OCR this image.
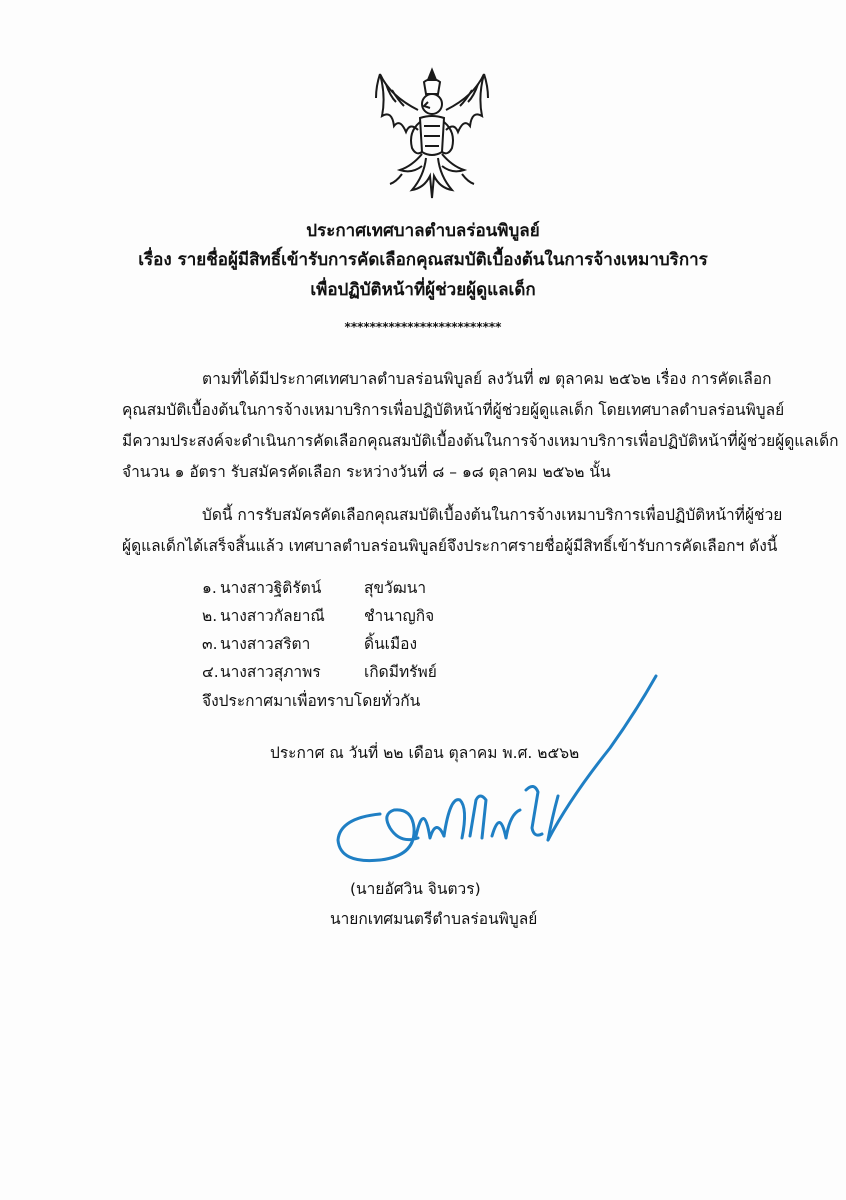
ประกาศเทศบาลตำบลร่อนพิบูลย์
เรื่อง รายชื่อผู้มีสิทธิ์เข้ารับการคัดเลือกคุณสมบัติเบื้องต้นในการจ้างเหมาบริการ
เพื่อปฏิบัติหน้าที่ผู้ช่วยผู้ดูแลเด็ก
*************************
ตามที่ได้มีประกาศเทศบาลตำบลร่อนพิบูลย์ ลงวันที่ ๗ ตุลาคม ๒๕๖๒ เรื่อง การคัดเลือก
คุณสมบัติเบื้องต้นในการจ้างเหมาบริการเพื่อปฏิบัติหน้าที่ผู้ช่วยผู้ดูแลเด็ก โดยเทศบาลตำบลร่อนพิบูลย์
มีความประสงค์จะดำเนินการคัดเลือกคุณสมบัติเบื้องต้นในการจ้างเหมาบริการเพื่อปฏิบัติหน้าที่ผู้ช่วยผู้ดูแลเด็ก
จำนวน ๑ อัตรา รับสมัครคัดเลือก ระหว่างวันที่ ๘ – ๑๘ ตุลาคม ๒๕๖๒ นั้น
บัดนี้ การรับสมัครคัดเลือกคุณสมบัติเบื้องต้นในการจ้างเหมาบริการเพื่อปฏิบัติหน้าที่ผู้ช่วย
ผู้ดูแลเด็กได้เสร็จสิ้นแล้ว เทศบาลตำบลร่อนพิบูลย์จึงประกาศรายชื่อผู้มีสิทธิ์เข้ารับการคัดเลือกฯ ดังนี้
๑. นางสาวฐิติรัตน์	สุขวัฒนา
๒. นางสาวกัลยาณี	ชำนาญกิจ
๓. นางสาวสริตา	ดิ้นเมือง
๔. นางสาวสุภาพร	เกิดมีทรัพย์
จึงประกาศมาเพื่อทราบโดยทั่วกัน
ประกาศ ณ วันที่ ๒๒ เดือน ตุลาคม พ.ศ. ๒๕๖๒
(นายอัศวิน จินตวร)
นายกเทศมนตรีตำบลร่อนพิบูลย์
